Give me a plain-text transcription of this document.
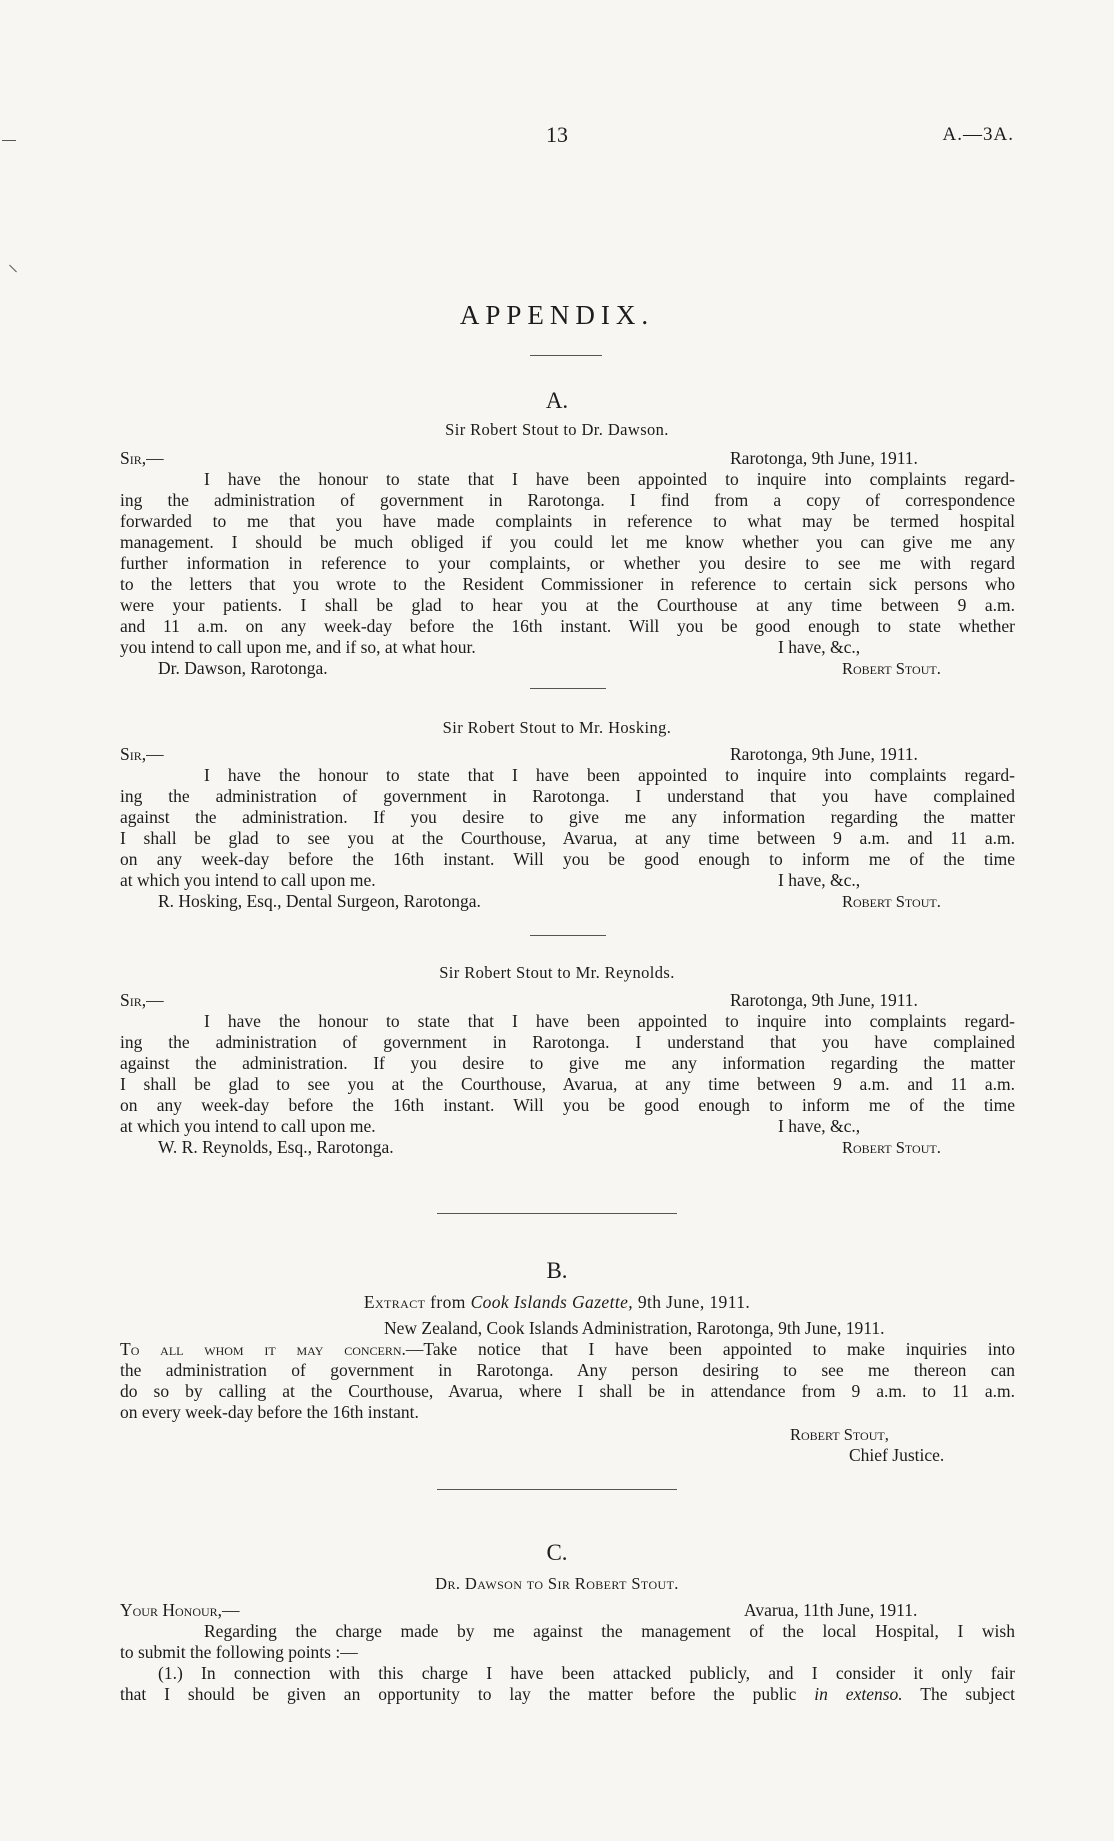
13	A.—3A.
APPENDIX.
A.
Sir Robert Stout to Dr. Dawson.
Sir,—	Rarotonga, 9th June, 1911.
I have the honour to state that I have been appointed to inquire into complaints regard-
ing the administration of government in Rarotonga. I find from a copy of correspondence
forwarded to me that you have made complaints in reference to what may be termed hospital
management. I should be much obliged if you could let me know whether you can give me any
further information in reference to your complaints, or whether you desire to see me with regard
to the letters that you wrote to the Resident Commissioner in reference to certain sick persons who
were your patients. I shall be glad to hear you at the Courthouse at any time between 9 a.m.
and 11 a.m. on any week-day before the 16th instant. Will you be good enough to state whether
you intend to call upon me, and if so, at what hour.	I have, &c.,
Dr. Dawson, Rarotonga.	Robert Stout.
Sir Robert Stout to Mr. Hosking.
Sir,—	Rarotonga, 9th June, 1911.
I have the honour to state that I have been appointed to inquire into complaints regard-
ing the administration of government in Rarotonga. I understand that you have complained
against the administration. If you desire to give me any information regarding the matter
I shall be glad to see you at the Courthouse, Avarua, at any time between 9 a.m. and 11 a.m.
on any week-day before the 16th instant. Will you be good enough to inform me of the time
at which you intend to call upon me.	I have, &c.,
R. Hosking, Esq., Dental Surgeon, Rarotonga.	Robert Stout.
Sir Robert Stout to Mr. Reynolds.
Sir,—	Rarotonga, 9th June, 1911.
I have the honour to state that I have been appointed to inquire into complaints regard-
ing the administration of government in Rarotonga. I understand that you have complained
against the administration. If you desire to give me any information regarding the matter
I shall be glad to see you at the Courthouse, Avarua, at any time between 9 a.m. and 11 a.m.
on any week-day before the 16th instant. Will you be good enough to inform me of the time
at which you intend to call upon me.	I have, &c.,
W. R. Reynolds, Esq., Rarotonga.	Robert Stout.
B.
Extract from Cook Islands Gazette, 9th June, 1911.
New Zealand, Cook Islands Administration, Rarotonga, 9th June, 1911.
To all whom it may concern.—Take notice that I have been appointed to make inquiries into
the administration of government in Rarotonga. Any person desiring to see me thereon can
do so by calling at the Courthouse, Avarua, where I shall be in attendance from 9 a.m. to 11 a.m.
on every week-day before the 16th instant.
Robert Stout,
Chief Justice.
C.
Dr. Dawson to Sir Robert Stout.
Your Honour,—	Avarua, 11th June, 1911.
Regarding the charge made by me against the management of the local Hospital, I wish
to submit the following points :—
(1.) In connection with this charge I have been attacked publicly, and I consider it only fair
that I should be given an opportunity to lay the matter before the public in extenso. The subject
